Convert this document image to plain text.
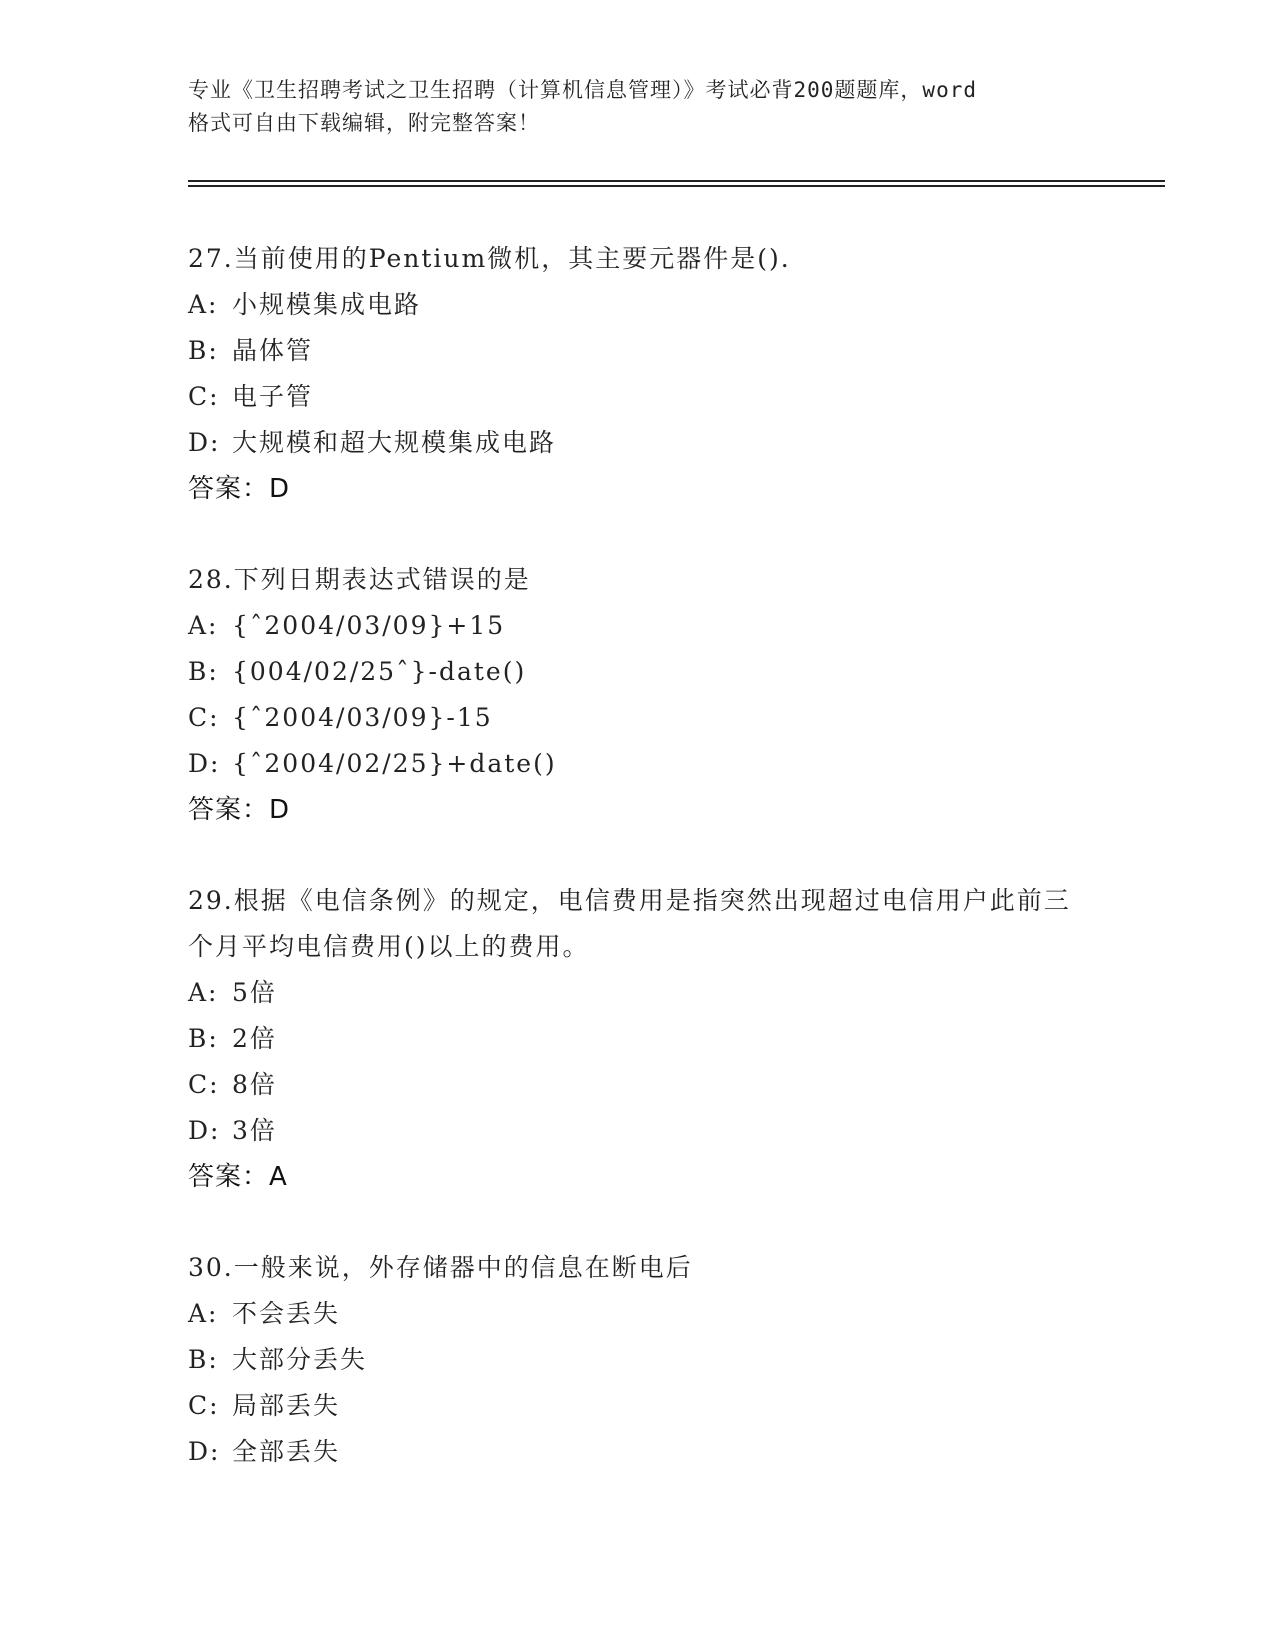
专业《卫生招聘考试之卫生招聘（计算机信息管理）》考试必背200题题库，word
格式可自由下载编辑，附完整答案！
27.当前使用的Pentium微机，其主要元器件是().
A: 小规模集成电路
B: 晶体管
C: 电子管
D: 大规模和超大规模集成电路
答案：D
28.下列日期表达式错误的是
A: {ˆ2004/03/09}+15
B: {004/02/25ˆ}-date()
C: {ˆ2004/03/09}-15
D: {ˆ2004/02/25}+date()
答案：D
29.根据《电信条例》的规定，电信费用是指突然出现超过电信用户此前三个月平均电信费用()以上的费用。
A: 5倍
B: 2倍
C: 8倍
D: 3倍
答案：A
30.一般来说，外存储器中的信息在断电后
A: 不会丢失
B: 大部分丢失
C: 局部丢失
D: 全部丢失
